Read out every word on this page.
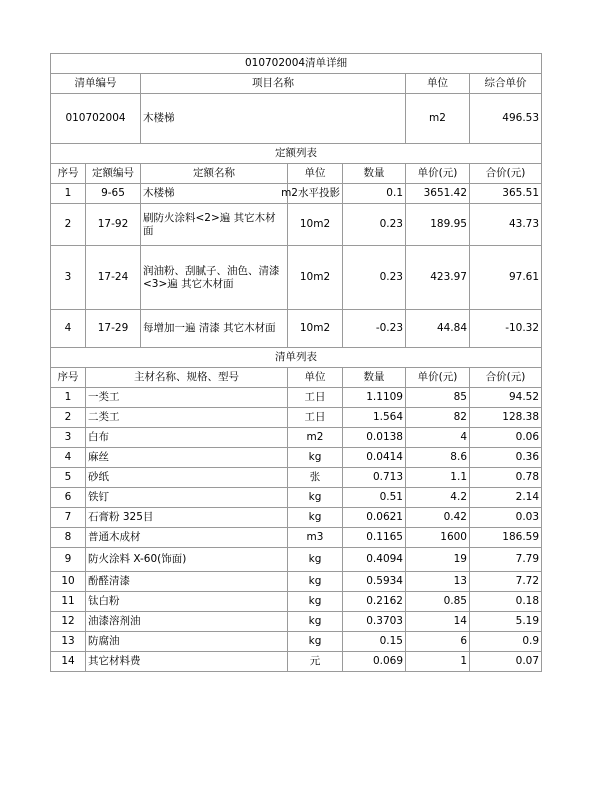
010702004清单详细						
清单编号		项目名称			单位	综合单价
010702004		木楼梯			m2	496.53
定额列表						
序号	定额编号	定额名称	单位	数量	单价(元)	合价(元)
1	9-65	木楼梯	m2水平投影	0.1	3651.42	365.51
2	17-92	刷防火涂料<2>遍 其它木材面	10m2	0.23	189.95	43.73
3	17-24	润油粉、刮腻子、油色、清漆<3>遍 其它木材面	10m2	0.23	423.97	97.61
4	17-29	每增加一遍 清漆 其它木材面	10m2	-0.23	44.84	-10.32
清单列表						
序号	主材名称、规格、型号		单位	数量	单价(元)	合价(元)
1	一类工		工日	1.1109	85	94.52
2	二类工		工日	1.564	82	128.38
3	白布		m2	0.0138	4	0.06
4	麻丝		kg	0.0414	8.6	0.36
5	砂纸		张	0.713	1.1	0.78
6	铁钉		kg	0.51	4.2	2.14
7	石膏粉 325目		kg	0.0621	0.42	0.03
8	普通木成材		m3	0.1165	1600	186.59
9	防火涂料 X-60(饰面)		kg	0.4094	19	7.79
10	酚醛清漆		kg	0.5934	13	7.72
11	钛白粉		kg	0.2162	0.85	0.18
12	油漆溶剂油		kg	0.3703	14	5.19
13	防腐油		kg	0.15	6	0.9
14	其它材料费		元	0.069	1	0.07
